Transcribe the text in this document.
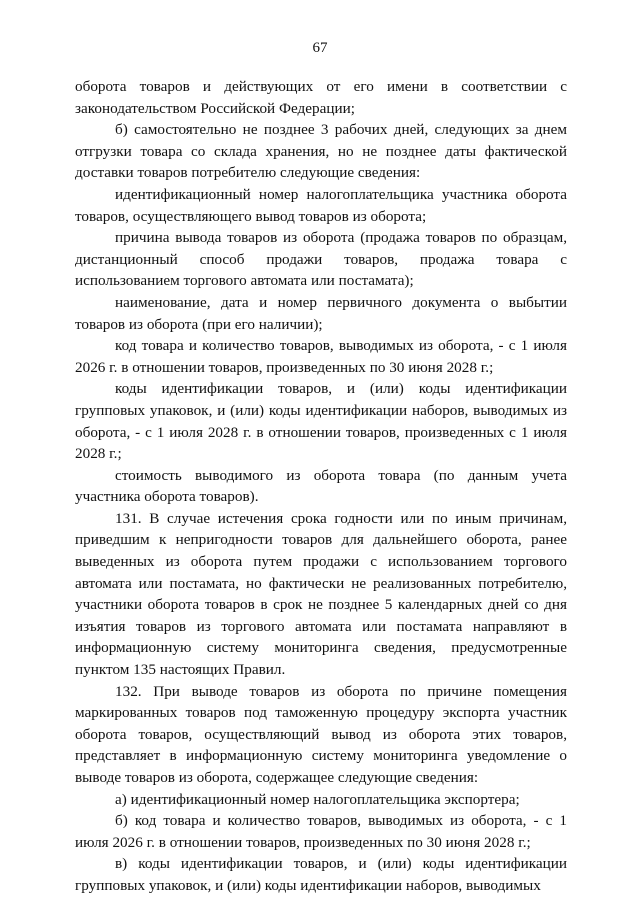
67

оборота товаров и действующих от его имени в соответствии с законодательством Российской Федерации;

б) самостоятельно не позднее 3 рабочих дней, следующих за днем отгрузки товара со склада хранения, но не позднее даты фактической доставки товаров потребителю следующие сведения:

идентификационный номер налогоплательщика участника оборота товаров, осуществляющего вывод товаров из оборота;

причина вывода товаров из оборота (продажа товаров по образцам, дистанционный способ продажи товаров, продажа товара с использованием торгового автомата или постамата);

наименование, дата и номер первичного документа о выбытии товаров из оборота (при его наличии);

код товара и количество товаров, выводимых из оборота, - с 1 июля 2026 г. в отношении товаров, произведенных по 30 июня 2028 г.;

коды идентификации товаров, и (или) коды идентификации групповых упаковок, и (или) коды идентификации наборов, выводимых из оборота, - с 1 июля 2028 г. в отношении товаров, произведенных с 1 июля 2028 г.;

стоимость выводимого из оборота товара (по данным учета участника оборота товаров).

131. В случае истечения срока годности или по иным причинам, приведшим к непригодности товаров для дальнейшего оборота, ранее выведенных из оборота путем продажи с использованием торгового автомата или постамата, но фактически не реализованных потребителю, участники оборота товаров в срок не позднее 5 календарных дней со дня изъятия товаров из торгового автомата или постамата направляют в информационную систему мониторинга сведения, предусмотренные пунктом 135 настоящих Правил.

132. При выводе товаров из оборота по причине помещения маркированных товаров под таможенную процедуру экспорта участник оборота товаров, осуществляющий вывод из оборота этих товаров, представляет в информационную систему мониторинга уведомление о выводе товаров из оборота, содержащее следующие сведения:

а) идентификационный номер налогоплательщика экспортера;

б) код товара и количество товаров, выводимых из оборота, - с 1 июля 2026 г. в отношении товаров, произведенных по 30 июня 2028 г.;

в) коды идентификации товаров, и (или) коды идентификации групповых упаковок, и (или) коды идентификации наборов, выводимых
